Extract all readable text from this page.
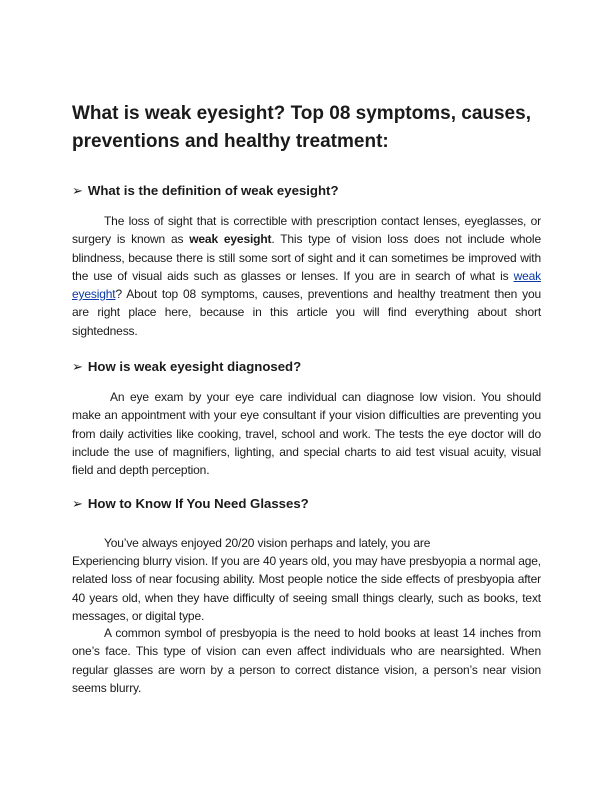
What is weak eyesight? Top 08 symptoms, causes, preventions and healthy treatment:
➢ What is the definition of weak eyesight?

The loss of sight that is correctible with prescription contact lenses, eyeglasses, or surgery is known as weak eyesight. This type of vision loss does not include whole blindness, because there is still some sort of sight and it can sometimes be improved with the use of visual aids such as glasses or lenses. If you are in search of what is weak eyesight? About top 08 symptoms, causes, preventions and healthy treatment then you are right place here, because in this article you will find everything about short sightedness.

➢ How is weak eyesight diagnosed?

An eye exam by your eye care individual can diagnose low vision. You should make an appointment with your eye consultant if your vision difficulties are preventing you from daily activities like cooking, travel, school and work. The tests the eye doctor will do include the use of magnifiers, lighting, and special charts to aid test visual acuity, visual field and depth perception.

➢ How to Know If You Need Glasses?

You’ve always enjoyed 20/20 vision perhaps and lately, you are

Experiencing blurry vision. If you are 40 years old, you may have presbyopia a normal age, related loss of near focusing ability. Most people notice the side effects of presbyopia after 40 years old, when they have difficulty of seeing small things clearly, such as books, text messages, or digital type.

A common symbol of presbyopia is the need to hold books at least 14 inches from one’s face. This type of vision can even affect individuals who are nearsighted. When regular glasses are worn by a person to correct distance vision, a person’s near vision seems blurry.
